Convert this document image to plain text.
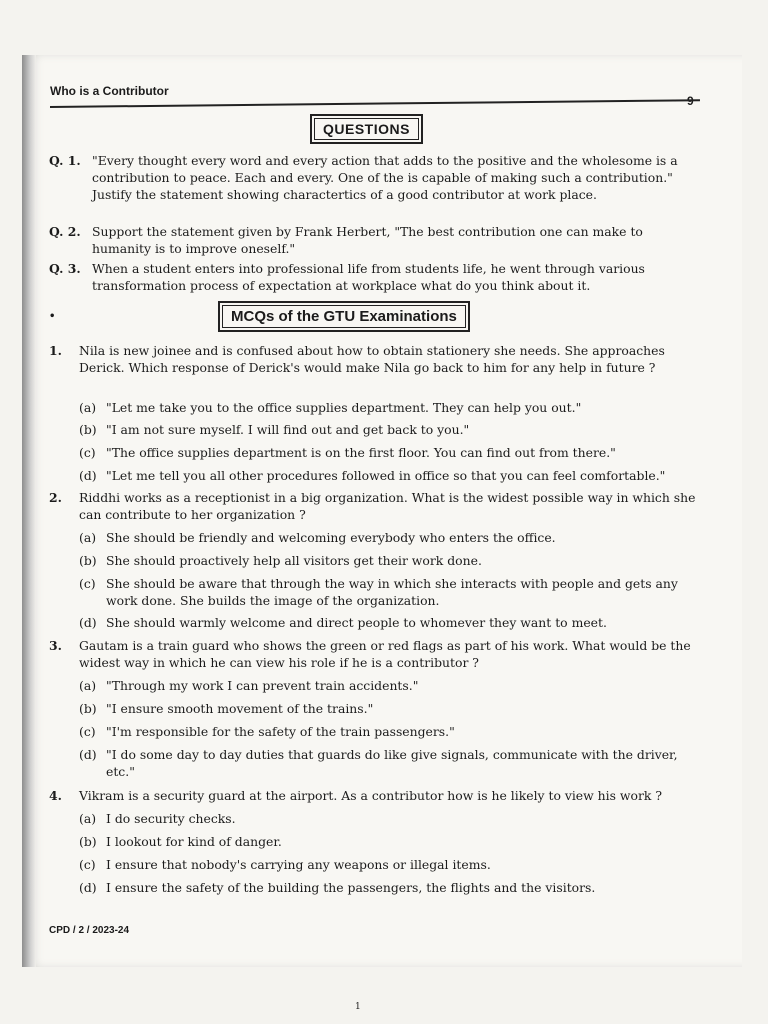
Who is a Contributor
QUESTIONS
Q. 1. "Every thought every word and every action that adds to the positive and the wholesome is a contribution to peace. Each and every. One of the is capable of making such a contribution." Justify the statement showing charactertics of a good contributor at work place.
Q. 2. Support the statement given by Frank Herbert, "The best contribution one can make to humanity is to improve oneself."
Q. 3. When a student enters into professional life from students life, he went through various transformation process of expectation at workplace what do you think about it.
•	MCQs of the GTU Examinations
1. Nila is new joinee and is confused about how to obtain stationery she needs. She approaches Derick. Which response of Derick's would make Nila go back to him for any help in future ?
(a) "Let me take you to the office supplies department. They can help you out."
(b) "I am not sure myself. I will find out and get back to you."
(c) "The office supplies department is on the first floor. You can find out from there."
(d) "Let me tell you all other procedures followed in office so that you can feel comfortable."
2. Riddhi works as a receptionist in a big organization. What is the widest possible way in which she can contribute to her organization ?
(a) She should be friendly and welcoming everybody who enters the office.
(b) She should proactively help all visitors get their work done.
(c) She should be aware that through the way in which she interacts with people and gets any work done. She builds the image of the organization.
(d) She should warmly welcome and direct people to whomever they want to meet.
3. Gautam is a train guard who shows the green or red flags as part of his work. What would be the widest way in which he can view his role if he is a contributor ?
(a) "Through my work I can prevent train accidents."
(b) "I ensure smooth movement of the trains."
(c) "I'm responsible for the safety of the train passengers."
(d) "I do some day to day duties that guards do like give signals, communicate with the driver, etc."
4. Vikram is a security guard at the airport. As a contributor how is he likely to view his work ?
(a) I do security checks.
(b) I lookout for kind of danger.
(c) I ensure that nobody's carrying any weapons or illegal items.
(d) I ensure the safety of the building the passengers, the flights and the visitors.
CPD / 2 / 2023-24
1
